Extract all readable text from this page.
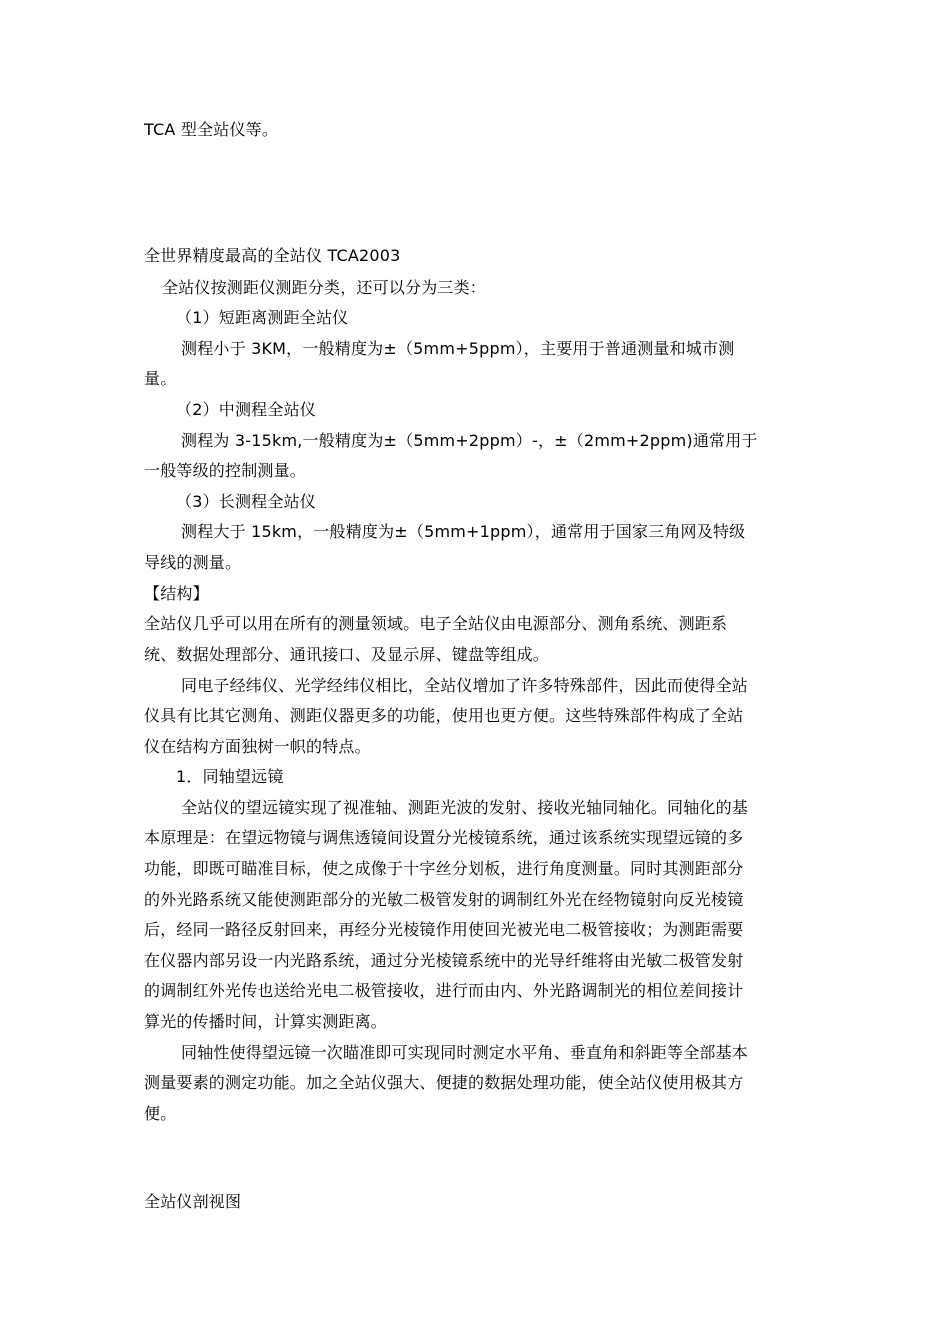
TCA 型全站仪等。
全世界精度最高的全站仪 TCA2003
全站仪按测距仪测距分类，还可以分为三类：
（1）短距离测距全站仪
测程小于 3KM，一般精度为±（5mm+5ppm），主要用于普通测量和城市测
量。
（2）中测程全站仪
测程为 3-15km,一般精度为±（5mm+2ppm）-，±（2mm+2ppm)通常用于
一般等级的控制测量。
（3）长测程全站仪
测程大于 15km，一般精度为±（5mm+1ppm），通常用于国家三角网及特级
导线的测量。
【结构】
全站仪几乎可以用在所有的测量领域。电子全站仪由电源部分、测角系统、测距系
统、数据处理部分、通讯接口、及显示屏、键盘等组成。
同电子经纬仪、光学经纬仪相比，全站仪增加了许多特殊部件，因此而使得全站
仪具有比其它测角、测距仪器更多的功能，使用也更方便。这些特殊部件构成了全站
仪在结构方面独树一帜的特点。
1．同轴望远镜
全站仪的望远镜实现了视准轴、测距光波的发射、接收光轴同轴化。同轴化的基
本原理是：在望远物镜与调焦透镜间设置分光棱镜系统，通过该系统实现望远镜的多
功能，即既可瞄准目标，使之成像于十字丝分划板，进行角度测量。同时其测距部分
的外光路系统又能使测距部分的光敏二极管发射的调制红外光在经物镜射向反光棱镜
后，经同一路径反射回来，再经分光棱镜作用使回光被光电二极管接收；为测距需要
在仪器内部另设一内光路系统，通过分光棱镜系统中的光导纤维将由光敏二极管发射
的调制红外光传也送给光电二极管接收，进行而由内、外光路调制光的相位差间接计
算光的传播时间，计算实测距离。
同轴性使得望远镜一次瞄准即可实现同时测定水平角、垂直角和斜距等全部基本
测量要素的测定功能。加之全站仪强大、便捷的数据处理功能，使全站仪使用极其方
便。
全站仪剖视图
